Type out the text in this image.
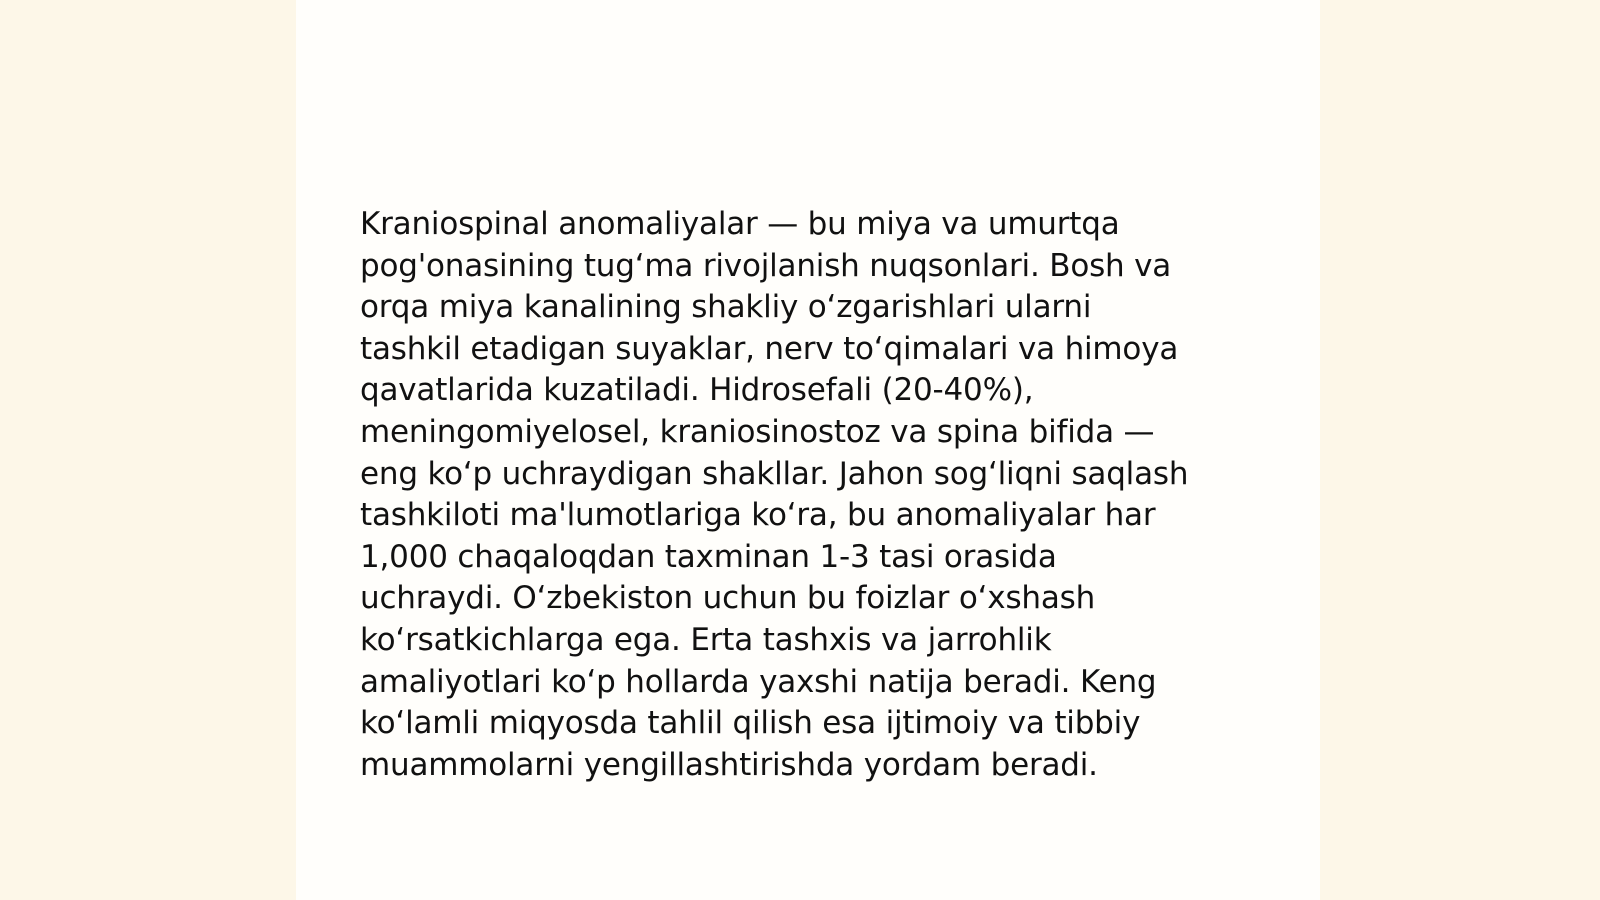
Kraniospinal anomaliyalar — bu miya va umurtqa
pog'onasining tugʻma rivojlanish nuqsonlari. Bosh va
orqa miya kanalining shakliy oʻzgarishlari ularni
tashkil etadigan suyaklar, nerv toʻqimalari va himoya
qavatlarida kuzatiladi. Hidrosefali (20-40%),
meningomiyelosel, kraniosinostoz va spina bifida —
eng koʻp uchraydigan shakllar. Jahon sogʻliqni saqlash
tashkiloti ma'lumotlariga koʻra, bu anomaliyalar har
1,000 chaqaloqdan taxminan 1-3 tasi orasida
uchraydi. Oʻzbekiston uchun bu foizlar oʻxshash
koʻrsatkichlarga ega. Erta tashxis va jarrohlik
amaliyotlari koʻp hollarda yaxshi natija beradi. Keng
koʻlamli miqyosda tahlil qilish esa ijtimoiy va tibbiy
muammolarni yengillashtirishda yordam beradi.
